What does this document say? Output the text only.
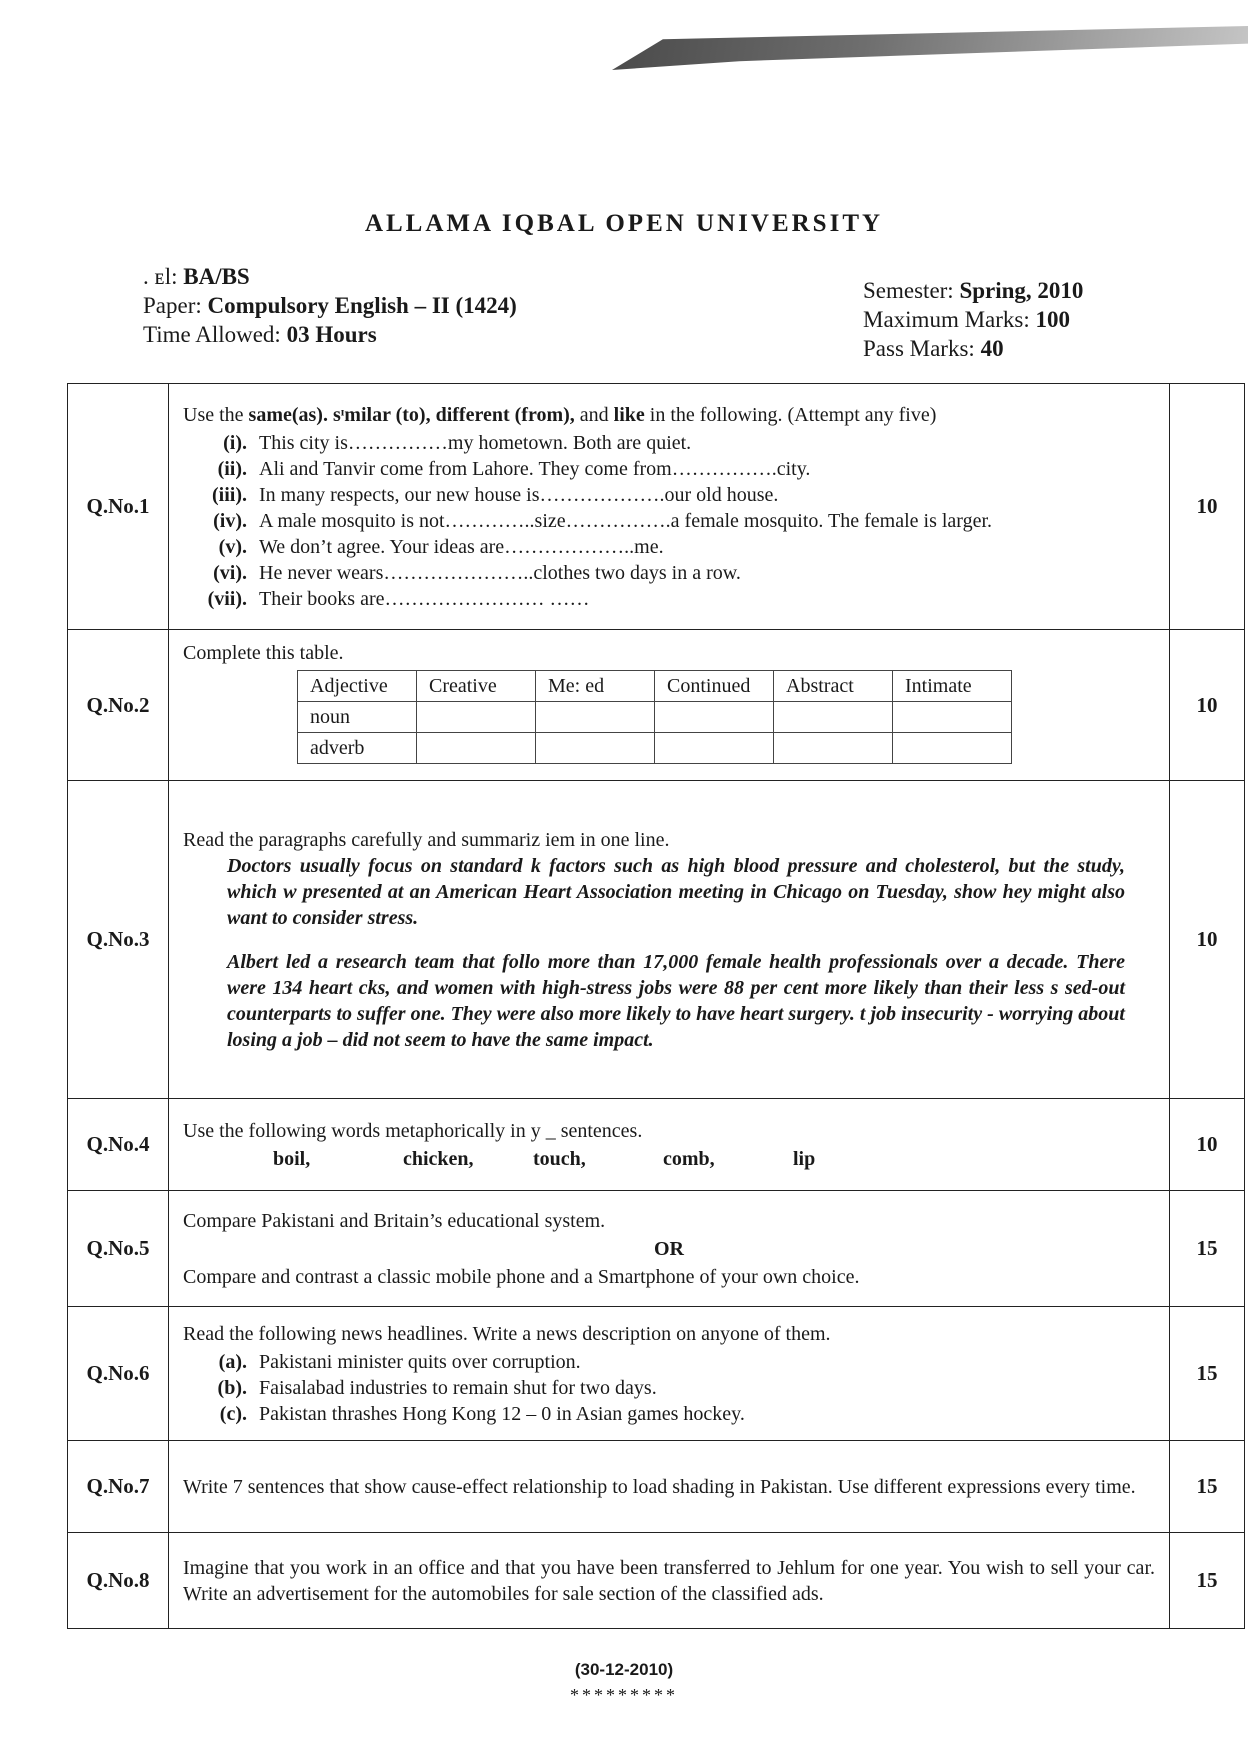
ALLAMA IQBAL OPEN UNIVERSITY
. ᴇl: BA/BS
Paper: Compulsory English – II (1424)
Time Allowed: 03 Hours
Semester: Spring, 2010
Maximum Marks: 100
Pass Marks: 40
Q.No.1	
Use the same(as). sᶦmilar (to), different (from), and like in the following. (Attempt any five)
(i). This city is……………my hometown. Both are quiet.
(ii). Ali and Tanvir come from Lahore. They come from…………….city.
(iii). In many respects, our new house is……………….our old house.
(iv). A male mosquito is not…………..size…………….a female mosquito. The female is larger.
(v). We don’t agree. Your ideas are………………..me.
(vi). He never wears…………………..clothes two days in a row.
(vii). Their books are…………………… ……
	10
Q.No.2	
Complete this table.
Adjective	Creative	Me: ed	Continued	Abstract	Intimate
noun					
adverb					
	10
Q.No.3	
Read the paragraphs carefully and summariz iem in one line.

Doctors usually focus on standard k factors such as high blood pressure and cholesterol, but the study, which w presented at an American Heart Association meeting in Chicago on Tuesday, show hey might also want to consider stress.

Albert led a research team that follo more than 17,000 female health professionals over a decade. There were 134 heart cks, and women with high-stress jobs were 88 per cent more likely than their less s sed-out counterparts to suffer one. They were also more likely to have heart surgery. t job insecurity - worrying about losing a job – did not seem to have the same impact.

	10
Q.No.4	
Use the following words metaphorically in y _ sentences.
boil,	chicken,	touch,	comb,	lip
	10
Q.No.5	
Compare Pakistani and Britain’s educational system.
OR
Compare and contrast a classic mobile phone and a Smartphone of your own choice.
	15
Q.No.6	
Read the following news headlines. Write a news description on anyone of them.
(a). Pakistani minister quits over corruption.
(b). Faisalabad industries to remain shut for two days.
(c). Pakistan thrashes Hong Kong 12 – 0 in Asian games hockey.
	15
Q.No.7	Write 7 sentences that show cause-effect relationship to load shading in Pakistan. Use different expressions every time.	15
Q.No.8	Imagine that you work in an office and that you have been transferred to Jehlum for one year. You wish to sell your car. Write an advertisement for the automobiles for sale section of the classified ads.	15
(30-12-2010)
*********
